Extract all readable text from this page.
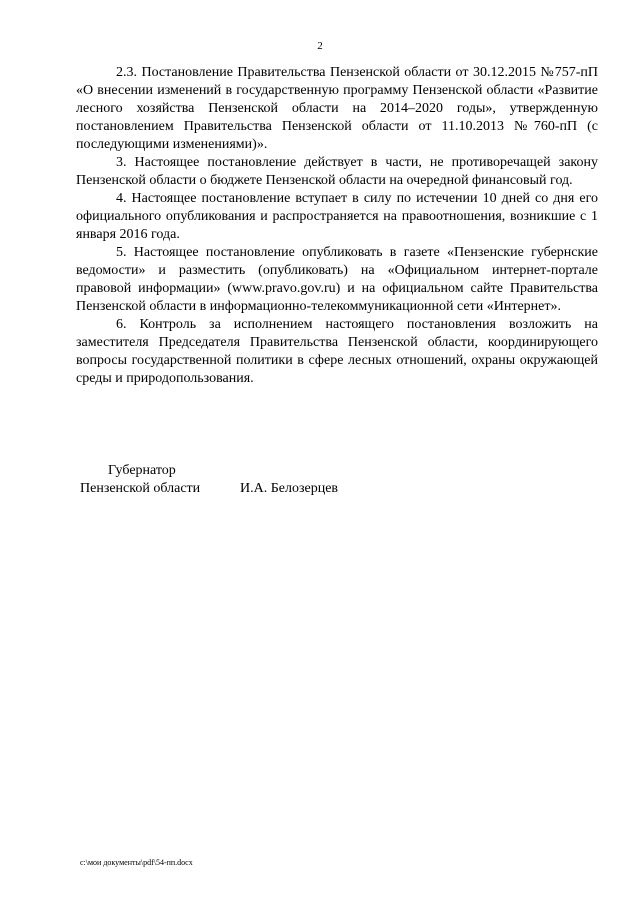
2

2.3. Постановление Правительства Пензенской области от 30.12.2015 №757-пП «О внесении изменений в государственную программу Пензенской области «Развитие лесного хозяйства Пензенской области на 2014–2020 годы», утвержденную постановлением Правительства Пензенской области от 11.10.2013 №760-пП (с последующими изменениями)».

3. Настоящее постановление действует в части, не противоречащей закону Пензенской области о бюджете Пензенской области на очередной финансовый год.

4. Настоящее постановление вступает в силу по истечении 10 дней со дня его официального опубликования и распространяется на правоотношения, возникшие с 1 января 2016 года.

5. Настоящее постановление опубликовать в газете «Пензенские губернские ведомости» и разместить (опубликовать) на «Официальном интернет-портале правовой информации» (www.pravo.gov.ru) и на официальном сайте Правительства Пензенской области в информационно-телекоммуникационной сети «Интернет».

6. Контроль за исполнением настоящего постановления возложить на заместителя Председателя Правительства Пензенской области, координирующего вопросы государственной политики в сфере лесных отношений, охраны окружающей среды и природопользования.

Губернатор
Пензенской области	И.А. Белозерцев
c:\мои документы\pdf\54-пп.docx
